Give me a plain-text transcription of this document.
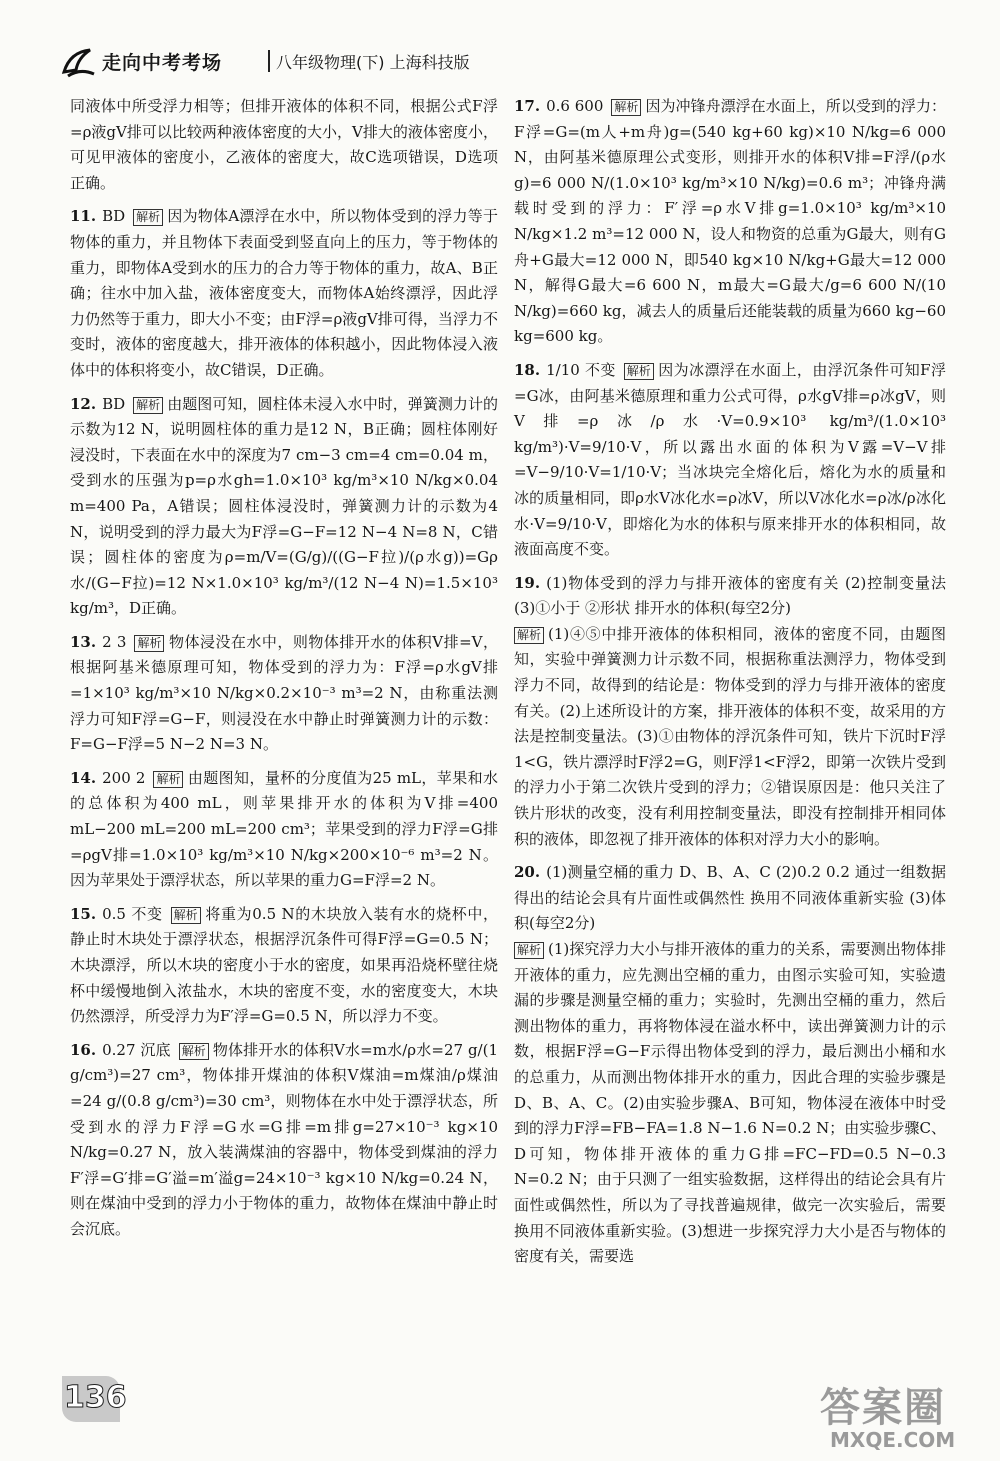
走向中考考场	八年级物理(下) 上海科技版

同液体中所受浮力相等；但排开液体的体积不同，根据公式F浮=ρ液gV排可以比较两种液体密度的大小，V排大的液体密度小，可见甲液体的密度小，乙液体的密度大，故C选项错误，D选项正确。

11. BD 解析 因为物体A漂浮在水中，所以物体受到的浮力等于物体的重力，并且物体下表面受到竖直向上的压力，等于物体的重力，即物体A受到水的压力的合力等于物体的重力，故A、B正确；往水中加入盐，液体密度变大，而物体A始终漂浮，因此浮力仍然等于重力，即大小不变；由F浮=ρ液gV排可得，当浮力不变时，液体的密度越大，排开液体的体积越小，因此物体浸入液体中的体积将变小，故C错误，D正确。

12. BD 解析 由题图可知，圆柱体未浸入水中时，弹簧测力计的示数为12 N，说明圆柱体的重力是12 N，B正确；圆柱体刚好浸没时，下表面在水中的深度为7 cm−3 cm=4 cm=0.04 m，受到水的压强为p=ρ水gh=1.0×10³ kg/m³×10 N/kg×0.04 m=400 Pa，A错误；圆柱体浸没时，弹簧测力计的示数为4 N，说明受到的浮力最大为F浮=G−F=12 N−4 N=8 N，C错误；圆柱体的密度为ρ=m/V=(G/g)/((G−F拉)/(ρ水g))=Gρ水/(G−F拉)=12 N×1.0×10³ kg/m³/(12 N−4 N)=1.5×10³ kg/m³，D正确。

13. 2 3 解析 物体浸没在水中，则物体排开水的体积V排=V，根据阿基米德原理可知，物体受到的浮力为：F浮=ρ水gV排=1×10³ kg/m³×10 N/kg×0.2×10⁻³ m³=2 N，由称重法测浮力可知F浮=G−F，则浸没在水中静止时弹簧测力计的示数：F=G−F浮=5 N−2 N=3 N。

14. 200 2 解析 由题图知，量杯的分度值为25 mL，苹果和水的总体积为400 mL，则苹果排开水的体积为V排=400 mL−200 mL=200 mL=200 cm³；苹果受到的浮力F浮=G排=ρgV排=1.0×10³ kg/m³×10 N/kg×200×10⁻⁶ m³=2 N。因为苹果处于漂浮状态，所以苹果的重力G=F浮=2 N。

15. 0.5 不变 解析 将重为0.5 N的木块放入装有水的烧杯中，静止时木块处于漂浮状态，根据浮沉条件可得F浮=G=0.5 N；木块漂浮，所以木块的密度小于水的密度，如果再沿烧杯壁往烧杯中缓慢地倒入浓盐水，木块的密度不变，水的密度变大，木块仍然漂浮，所受浮力为F′浮=G=0.5 N，所以浮力不变。

16. 0.27 沉底 解析 物体排开水的体积V水=m水/ρ水=27 g/(1 g/cm³)=27 cm³，物体排开煤油的体积V煤油=m煤油/ρ煤油=24 g/(0.8 g/cm³)=30 cm³，则物体在水中处于漂浮状态，所受到水的浮力F浮=G水=G排=m排g=27×10⁻³ kg×10 N/kg=0.27 N，放入装满煤油的容器中，物体受到煤油的浮力F′浮=G′排=G′溢=m′溢g=24×10⁻³ kg×10 N/kg=0.24 N，则在煤油中受到的浮力小于物体的重力，故物体在煤油中静止时会沉底。

17. 0.6 600 解析 因为冲锋舟漂浮在水面上，所以受到的浮力：F浮=G=(m人+m舟)g=(540 kg+60 kg)×10 N/kg=6 000 N，由阿基米德原理公式变形，则排开水的体积V排=F浮/(ρ水g)=6 000 N/(1.0×10³ kg/m³×10 N/kg)=0.6 m³；冲锋舟满载时受到的浮力：F′浮=ρ水V排g=1.0×10³ kg/m³×10 N/kg×1.2 m³=12 000 N，设人和物资的总重为G最大，则有G舟+G最大=12 000 N，即540 kg×10 N/kg+G最大=12 000 N，解得G最大=6 600 N，m最大=G最大/g=6 600 N/(10 N/kg)=660 kg，减去人的质量后还能装载的质量为660 kg−60 kg=600 kg。

18. 1/10 不变 解析 因为冰漂浮在水面上，由浮沉条件可知F浮=G冰，由阿基米德原理和重力公式可得，ρ水gV排=ρ冰gV，则V排=ρ冰/ρ水·V=0.9×10³ kg/m³/(1.0×10³ kg/m³)·V=9/10·V，所以露出水面的体积为V露=V−V排=V−9/10·V=1/10·V；当冰块完全熔化后，熔化为水的质量和冰的质量相同，即ρ水V冰化水=ρ冰V，所以V冰化水=ρ冰/ρ冰化水·V=9/10·V，即熔化为水的体积与原来排开水的体积相同，故液面高度不变。

19. (1)物体受到的浮力与排开液体的密度有关 (2)控制变量法 (3)①小于 ②形状 排开水的体积(每空2分)
解析 (1)④⑤中排开液体的体积相同，液体的密度不同，由题图知，实验中弹簧测力计示数不同，根据称重法测浮力，物体受到浮力不同，故得到的结论是：物体受到的浮力与排开液体的密度有关。(2)上述所设计的方案，排开液体的体积不变，故采用的方法是控制变量法。(3)①由物体的浮沉条件可知，铁片下沉时F浮1<G，铁片漂浮时F浮2=G，则F浮1<F浮2，即第一次铁片受到的浮力小于第二次铁片受到的浮力；②错误原因是：他只关注了铁片形状的改变，没有利用控制变量法，即没有控制排开相同体积的液体，即忽视了排开液体的体积对浮力大小的影响。

20. (1)测量空桶的重力 D、B、A、C (2)0.2 0.2 通过一组数据得出的结论会具有片面性或偶然性 换用不同液体重新实验 (3)体积(每空2分)
解析 (1)探究浮力大小与排开液体的重力的关系，需要测出物体排开液体的重力，应先测出空桶的重力，由图示实验可知，实验遗漏的步骤是测量空桶的重力；实验时，先测出空桶的重力，然后测出物体的重力，再将物体浸在溢水杯中，读出弹簧测力计的示数，根据F浮=G−F示得出物体受到的浮力，最后测出小桶和水的总重力，从而测出物体排开水的重力，因此合理的实验步骤是D、B、A、C。(2)由实验步骤A、B可知，物体浸在液体中时受到的浮力F浮=FB−FA=1.8 N−1.6 N=0.2 N；由实验步骤C、D可知，物体排开液体的重力G排=FC−FD=0.5 N−0.3 N=0.2 N；由于只测了一组实验数据，这样得出的结论会具有片面性或偶然性，所以为了寻找普遍规律，做完一次实验后，需要换用不同液体重新实验。(3)想进一步探究浮力大小是否与物体的密度有关，需要选

136	答案圈
MXQE.COM
